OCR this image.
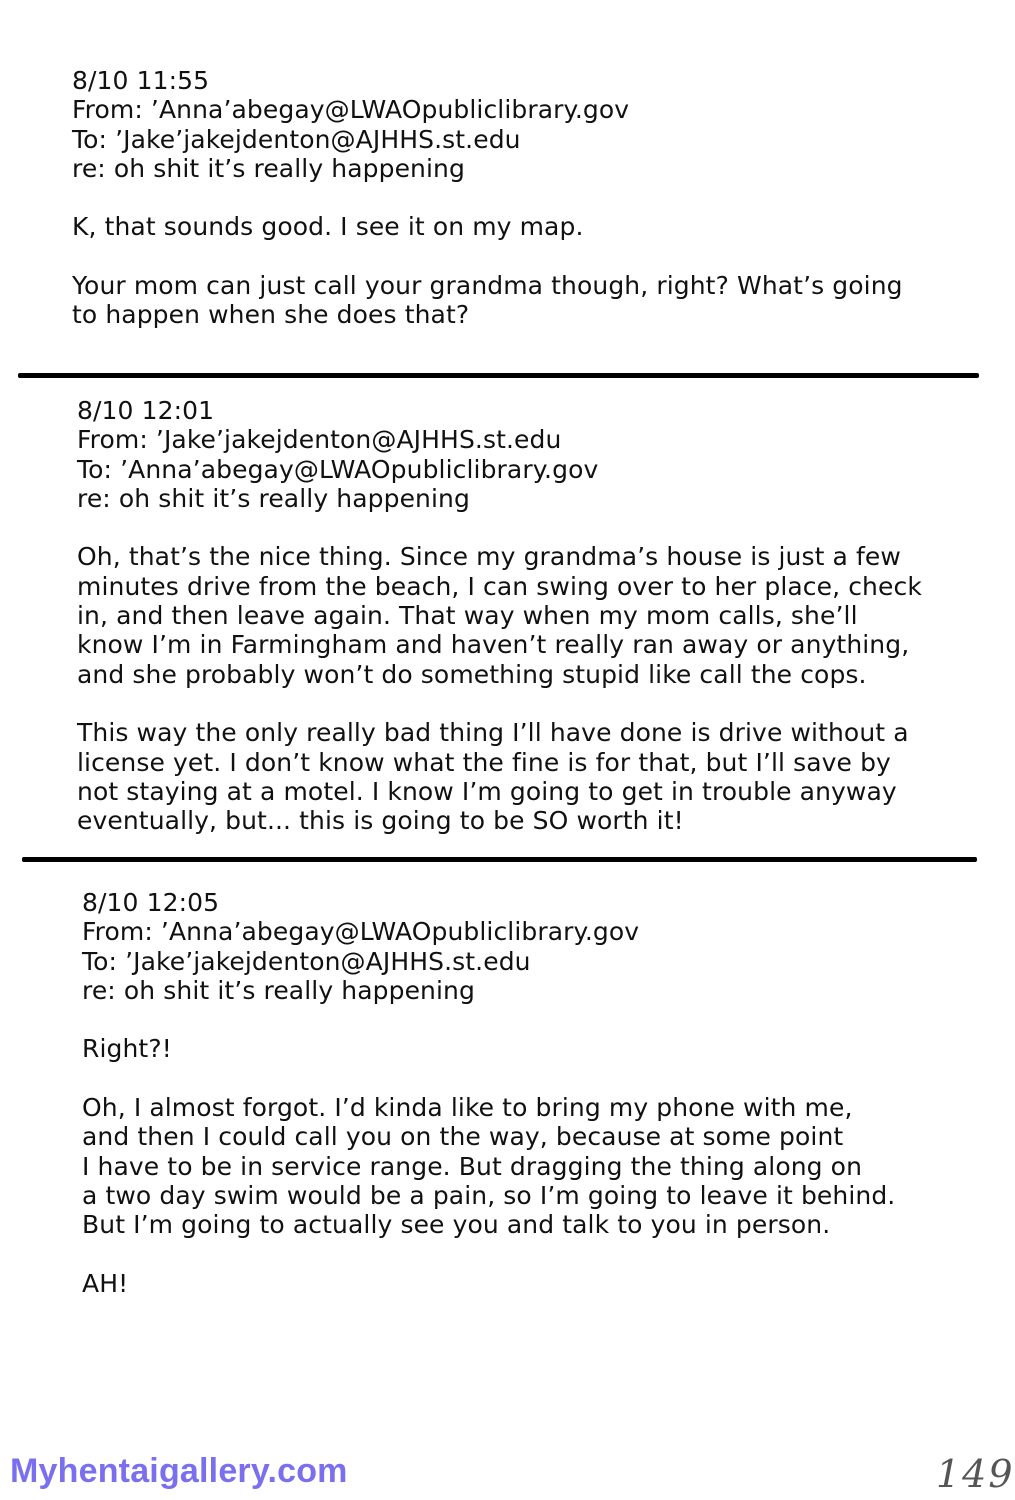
8/10 11:55
From: ’Anna’abegay@LWAOpubliclibrary.gov
To: ’Jake’jakejdenton@AJHHS.st.edu
re: oh shit it’s really happening
K, that sounds good. I see it on my map.
Your mom can just call your grandma though, right? What’s going
to happen when she does that?
8/10 12:01
From: ’Jake’jakejdenton@AJHHS.st.edu
To: ’Anna’abegay@LWAOpubliclibrary.gov
re: oh shit it’s really happening
Oh, that’s the nice thing. Since my grandma’s house is just a few
minutes drive from the beach, I can swing over to her place, check
in, and then leave again. That way when my mom calls, she’ll
know I’m in Farmingham and haven’t really ran away or anything,
and she probably won’t do something stupid like call the cops.
This way the only really bad thing I’ll have done is drive without a
license yet. I don’t know what the fine is for that, but I’ll save by
not staying at a motel. I know I’m going to get in trouble anyway
eventually, but... this is going to be SO worth it!
8/10 12:05
From: ’Anna’abegay@LWAOpubliclibrary.gov
To: ’Jake’jakejdenton@AJHHS.st.edu
re: oh shit it’s really happening
Right?!
Oh, I almost forgot. I’d kinda like to bring my phone with me,
and then I could call you on the way, because at some point
I have to be in service range. But dragging the thing along on
a two day swim would be a pain, so I’m going to leave it behind.
But I’m going to actually see you and talk to you in person.
AH!
Myhentaigallery.com	149
